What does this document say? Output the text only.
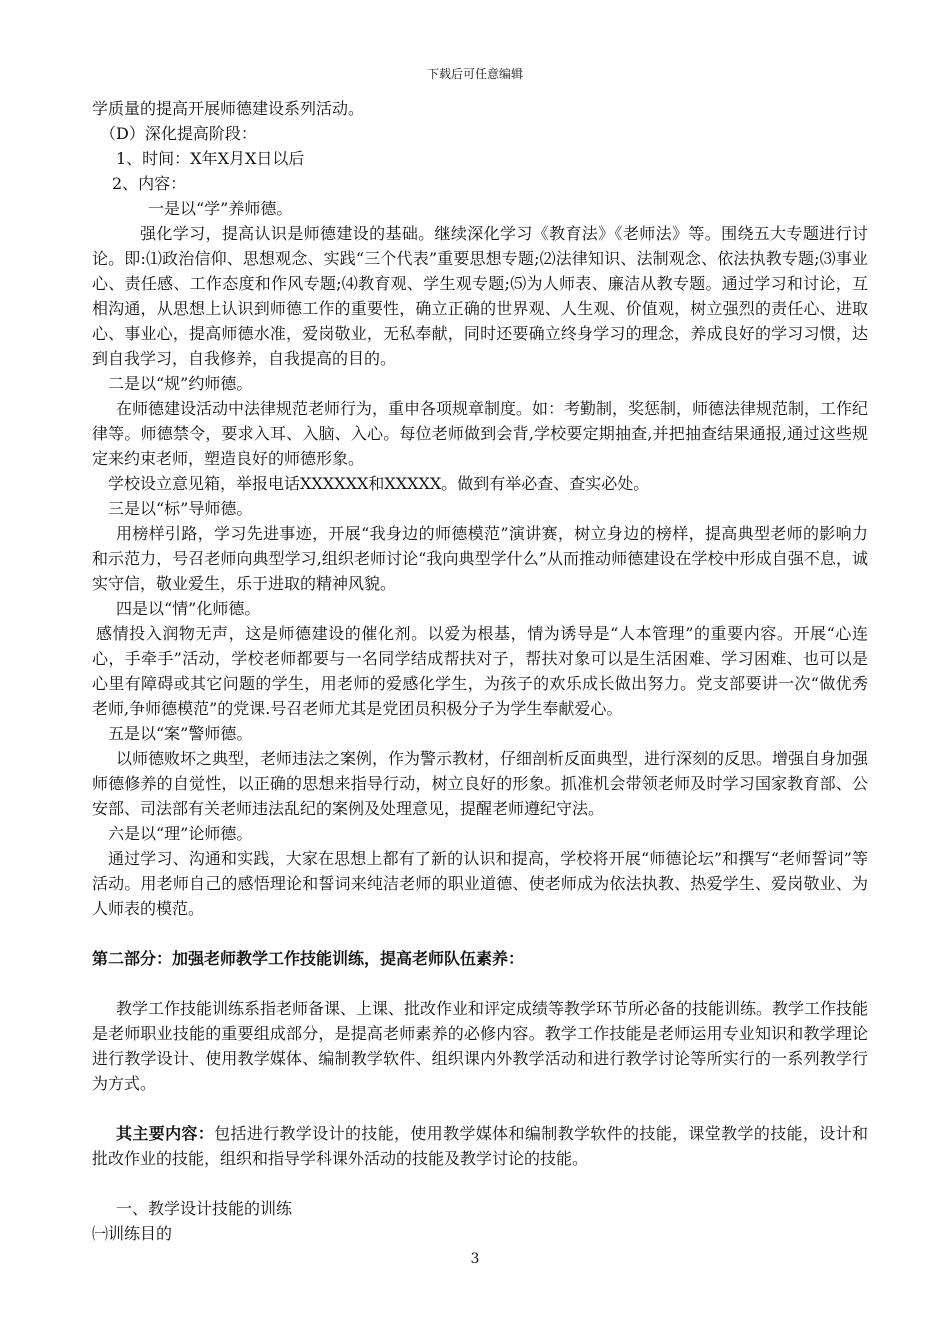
下载后可任意编辑

学质量的提高开展师德建设系列活动。

（D）深化提高阶段：

1、时间：X年X月X日以后

2、内容：

一是以“学”养师德。

强化学习，提高认识是师德建设的基础。继续深化学习《教育法》《老师法》等。围绕五大专题进行讨论。即:⑴政治信仰、思想观念、实践“三个代表”重要思想专题;⑵法律知识、法制观念、依法执教专题;⑶事业心、责任感、工作态度和作风专题;⑷教育观、学生观专题;⑸为人师表、廉洁从教专题。通过学习和讨论，互相沟通，从思想上认识到师德工作的重要性，确立正确的世界观、人生观、价值观，树立强烈的责任心、进取心、事业心，提高师德水准，爱岗敬业，无私奉献，同时还要确立终身学习的理念，养成良好的学习习惯，达到自我学习，自我修养，自我提高的目的。

二是以“规”约师德。

在师德建设活动中法律规范老师行为，重申各项规章制度。如：考勤制，奖惩制，师德法律规范制，工作纪律等。师德禁令，要求入耳、入脑、入心。每位老师做到会背,学校要定期抽查,并把抽查结果通报,通过这些规定来约束老师，塑造良好的师德形象。

学校设立意见箱，举报电话XXXXXX和XXXXX。做到有举必查、查实必处。

三是以“标”导师德。

用榜样引路，学习先进事迹，开展“我身边的师德模范”演讲赛，树立身边的榜样，提高典型老师的影响力和示范力，号召老师向典型学习,组织老师讨论“我向典型学什么”从而推动师德建设在学校中形成自强不息，诚实守信，敬业爱生，乐于进取的精神风貌。

四是以“情”化师德。

感情投入润物无声，这是师德建设的催化剂。以爱为根基，情为诱导是“人本管理”的重要内容。开展“心连心，手牵手”活动，学校老师都要与一名同学结成帮扶对子，帮扶对象可以是生活困难、学习困难、也可以是心里有障碍或其它问题的学生，用老师的爱感化学生，为孩子的欢乐成长做出努力。党支部要讲一次“做优秀老师,争师德模范”的党课.号召老师尤其是党团员积极分子为学生奉献爱心。

五是以“案”警师德。

以师德败坏之典型，老师违法之案例，作为警示教材，仔细剖析反面典型，进行深刻的反思。增强自身加强师德修养的自觉性，以正确的思想来指导行动，树立良好的形象。抓准机会带领老师及时学习国家教育部、公安部、司法部有关老师违法乱纪的案例及处理意见，提醒老师遵纪守法。

六是以“理”论师德。

通过学习、沟通和实践，大家在思想上都有了新的认识和提高，学校将开展“师德论坛”和撰写“老师誓词”等活动。用老师自己的感悟理论和誓词来纯洁老师的职业道德、使老师成为依法执教、热爱学生、爱岗敬业、为人师表的模范。

第二部分：加强老师教学工作技能训练，提高老师队伍素养：

教学工作技能训练系指老师备课、上课、批改作业和评定成绩等教学环节所必备的技能训练。教学工作技能是老师职业技能的重要组成部分，是提高老师素养的必修内容。教学工作技能是老师运用专业知识和教学理论进行教学设计、使用教学媒体、编制教学软件、组织课内外教学活动和进行教学讨论等所实行的一系列教学行为方式。

其主要内容：包括进行教学设计的技能，使用教学媒体和编制教学软件的技能，课堂教学的技能，设计和批改作业的技能，组织和指导学科课外活动的技能及教学讨论的技能。

一、教学设计技能的训练

㈠训练目的

3
